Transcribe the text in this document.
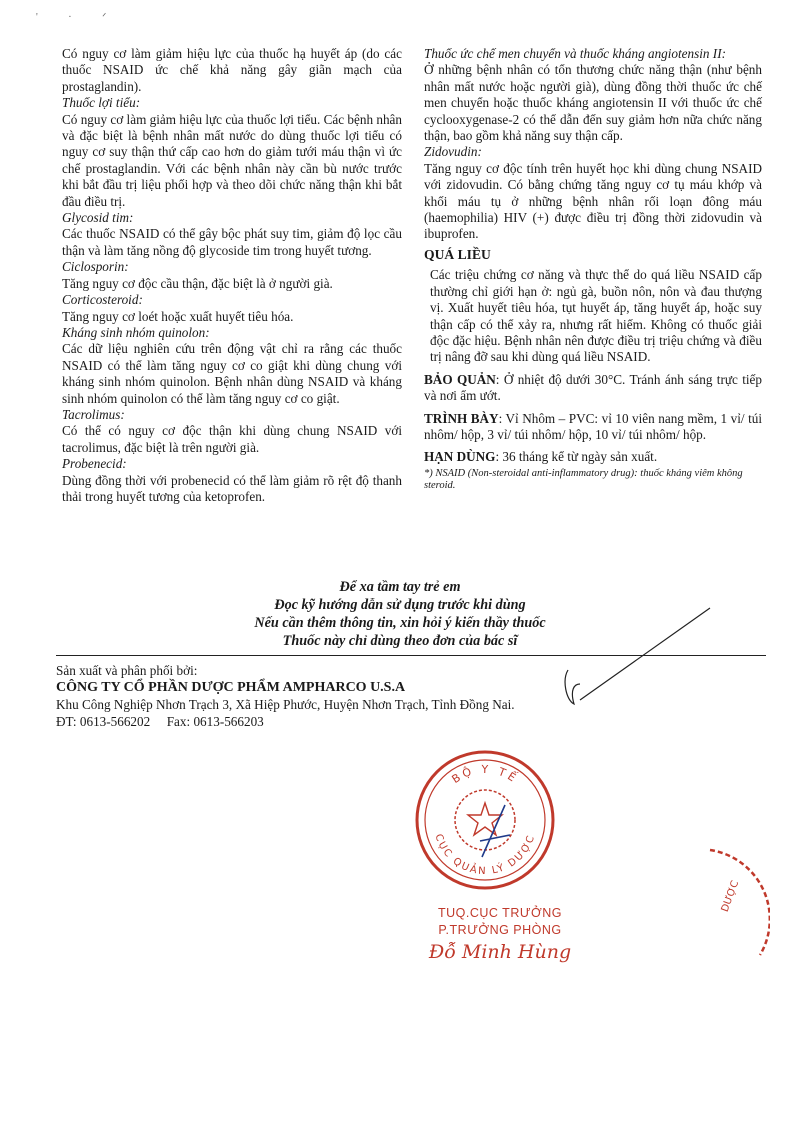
' · ᐟ

Có nguy cơ làm giảm hiệu lực của thuốc hạ huyết áp (do các thuốc NSAID ức chế khả năng gây giãn mạch của prostaglandin).

Thuốc lợi tiểu:

Có nguy cơ làm giảm hiệu lực của thuốc lợi tiểu. Các bệnh nhân và đặc biệt là bệnh nhân mất nước do dùng thuốc lợi tiểu có nguy cơ suy thận thứ cấp cao hơn do giảm tưới máu thận vì ức chế prostaglandin. Với các bệnh nhân này cần bù nước trước khi bắt đầu trị liệu phối hợp và theo dõi chức năng thận khi bắt đầu điều trị.

Glycosid tim:

Các thuốc NSAID có thể gây bộc phát suy tim, giảm độ lọc cầu thận và làm tăng nồng độ glycoside tim trong huyết tương.

Ciclosporin:

Tăng nguy cơ độc cầu thận, đặc biệt là ở người già.

Corticosteroid:

Tăng nguy cơ loét hoặc xuất huyết tiêu hóa.

Kháng sinh nhóm quinolon:

Các dữ liệu nghiên cứu trên động vật chỉ ra rằng các thuốc NSAID có thể làm tăng nguy cơ co giật khi dùng chung với kháng sinh nhóm quinolon. Bệnh nhân dùng NSAID và kháng sinh nhóm quinolon có thể làm tăng nguy cơ co giật.

Tacrolimus:

Có thể có nguy cơ độc thận khi dùng chung NSAID với tacrolimus, đặc biệt là trên người già.

Probenecid:

Dùng đồng thời với probenecid có thể làm giảm rõ rệt độ thanh thải trong huyết tương của ketoprofen.

Thuốc ức chế men chuyển và thuốc kháng angiotensin II:

Ở những bệnh nhân có tổn thương chức năng thận (như bệnh nhân mất nước hoặc người già), dùng đồng thời thuốc ức chế men chuyển hoặc thuốc kháng angiotensin II với thuốc ức chế cyclooxygenase-2 có thể dẫn đến suy giảm hơn nữa chức năng thận, bao gồm khả năng suy thận cấp.

Zidovudin:

Tăng nguy cơ độc tính trên huyết học khi dùng chung NSAID với zidovudin. Có bằng chứng tăng nguy cơ tụ máu khớp và khối máu tụ ở những bệnh nhân rối loạn đông máu (haemophilia) HIV (+) được điều trị đồng thời zidovudin và ibuprofen.

QUÁ LIỀU

Các triệu chứng cơ năng và thực thể do quá liều NSAID cấp thường chỉ giới hạn ở: ngủ gà, buồn nôn, nôn và đau thượng vị. Xuất huyết tiêu hóa, tụt huyết áp, tăng huyết áp, hoặc suy thận cấp có thể xảy ra, nhưng rất hiếm. Không có thuốc giải độc đặc hiệu. Bệnh nhân nên được điều trị triệu chứng và điều trị nâng đỡ sau khi dùng quá liều NSAID.

BẢO QUẢN: Ở nhiệt độ dưới 30°C. Tránh ánh sáng trực tiếp và nơi ẩm ướt.

TRÌNH BÀY: Vỉ Nhôm – PVC: vỉ 10 viên nang mềm, 1 vỉ/ túi nhôm/ hộp, 3 vỉ/ túi nhôm/ hộp, 10 vỉ/ túi nhôm/ hộp.

HẠN DÙNG: 36 tháng kể từ ngày sản xuất.

*) NSAID (Non-steroidal anti-inflammatory drug): thuốc kháng viêm không steroid.

Để xa tầm tay trẻ em
Đọc kỹ hướng dẫn sử dụng trước khi dùng
Nếu cần thêm thông tin, xin hỏi ý kiến thầy thuốc
Thuốc này chỉ dùng theo đơn của bác sĩ
Sản xuất và phân phối bởi:
CÔNG TY CỔ PHẦN DƯỢC PHẨM AMPHARCO U.S.A
Khu Công Nghiệp Nhơn Trạch 3, Xã Hiệp Phước, Huyện Nhơn Trạch, Tỉnh Đồng Nai.
ĐT: 0613-566202     Fax: 0613-566203
BỘ Y TẾ
CỤC QUẢN LÝ DƯỢC
DƯỢC
TUQ.CỤC TRƯỞNG
P.TRƯỞNG PHÒNG
Đỗ Minh Hùng
